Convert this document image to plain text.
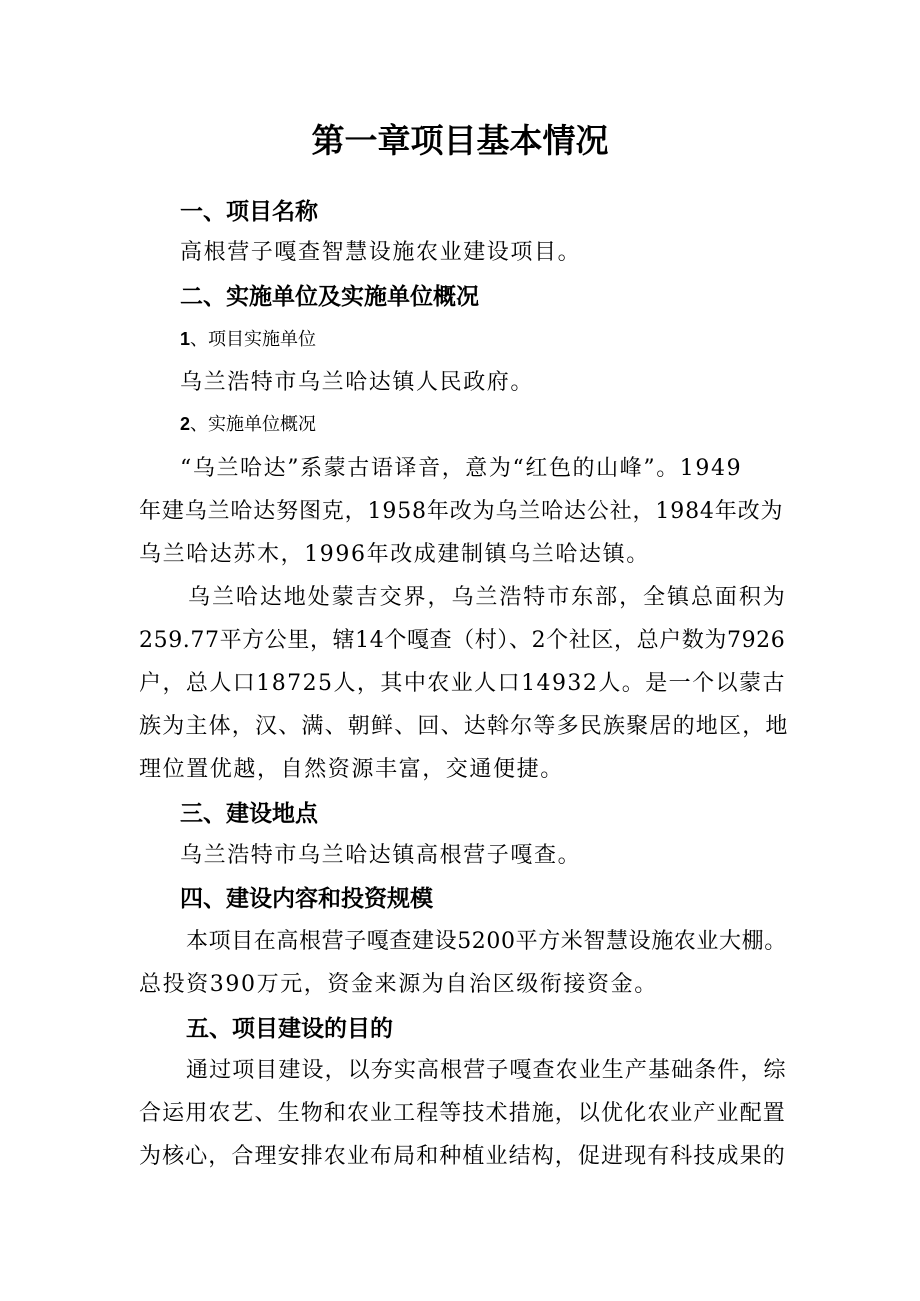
第一章项目基本情况
一、项目名称
高根营子嘎查智慧设施农业建设项目。
二、实施单位及实施单位概况
1、项目实施单位
乌兰浩特市乌兰哈达镇人民政府。
2、实施单位概况
“乌兰哈达”系蒙古语译音，意为“红色的山峰”。1949
年建乌兰哈达努图克，1958年改为乌兰哈达公社，1984年改为
乌兰哈达苏木，1996年改成建制镇乌兰哈达镇。
乌兰哈达地处蒙吉交界，乌兰浩特市东部，全镇总面积为
259.77平方公里，辖14个嘎查（村）、2个社区，总户数为7926
户，总人口18725人，其中农业人口14932人。是一个以蒙古
族为主体，汉、满、朝鲜、回、达斡尔等多民族聚居的地区，地
理位置优越，自然资源丰富，交通便捷。
三、建设地点
乌兰浩特市乌兰哈达镇高根营子嘎查。
四、建设内容和投资规模
本项目在高根营子嘎查建设5200平方米智慧设施农业大棚。
总投资390万元，资金来源为自治区级衔接资金。
五、项目建设的目的
通过项目建设，以夯实高根营子嘎查农业生产基础条件，综
合运用农艺、生物和农业工程等技术措施，以优化农业产业配置
为核心，合理安排农业布局和种植业结构，促进现有科技成果的
